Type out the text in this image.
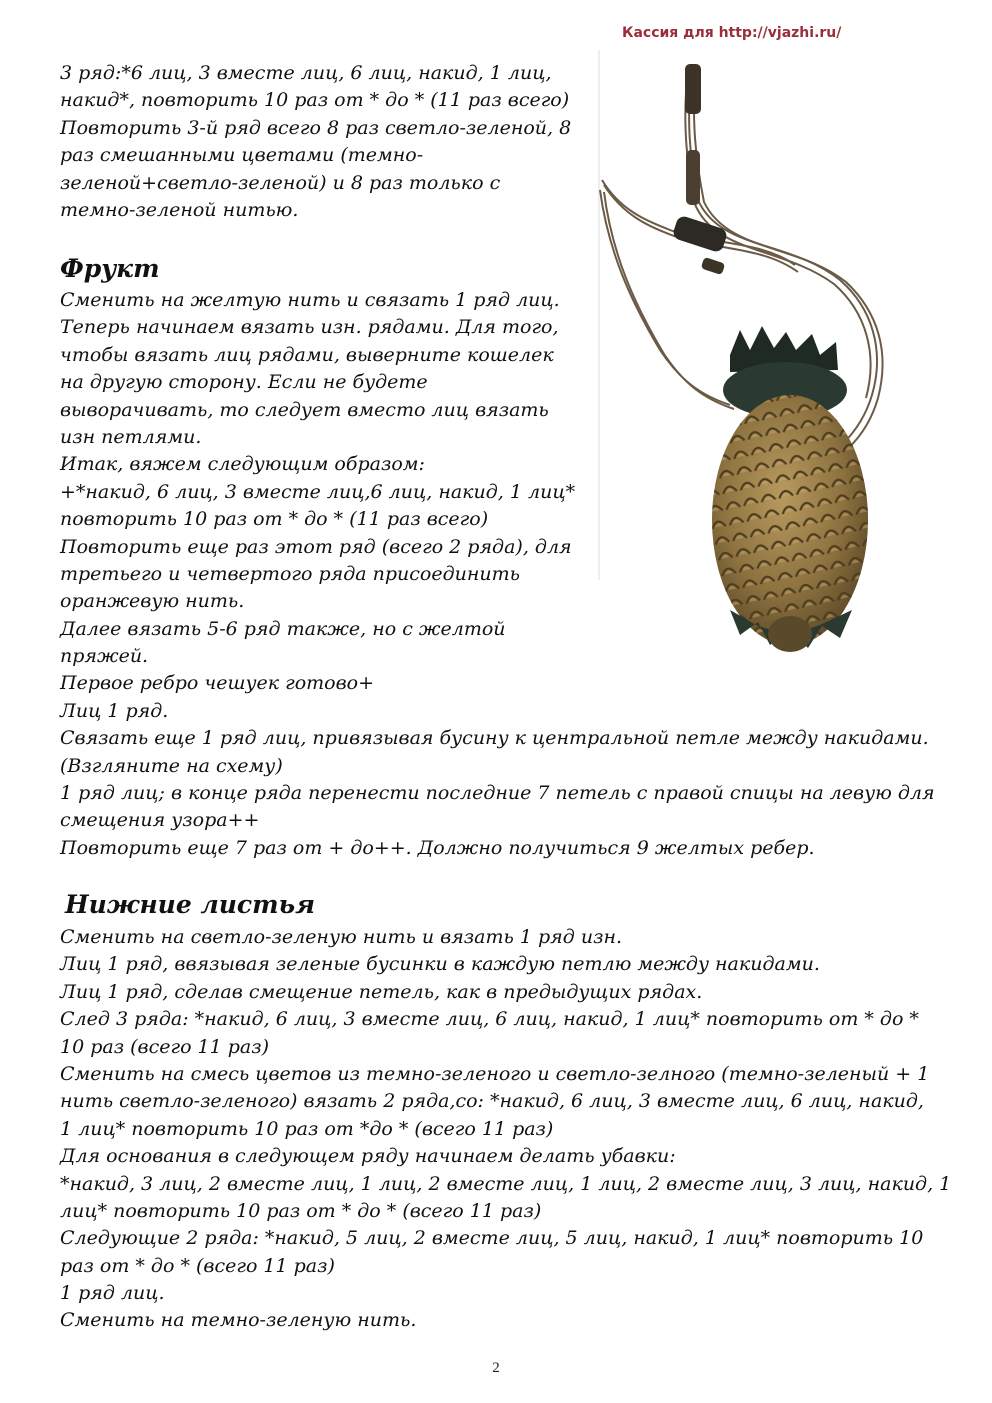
Кассия для http://vjazhi.ru/
3 ряд:*6 лиц, 3 вместе лиц, 6 лиц, накид, 1 лиц,
накид*, повторить 10 раз от * до * (11 раз всего)
Повторить 3-й ряд всего 8 раз светло-зеленой, 8
раз смешанными цветами (темно-
зеленой+светло-зеленой) и 8 раз только с
темно-зеленой нитью.
Фрукт
Сменить на желтую нить и связать 1 ряд лиц.
Теперь начинаем вязать изн. рядами. Для того,
чтобы вязать лиц рядами, выверните кошелек
на другую сторону. Если не будете
выворачивать, то следует вместо лиц вязать
изн петлями.
Итак, вяжем следующим образом:
+*накид, 6 лиц, 3 вместе лиц,6 лиц, накид, 1 лиц*
повторить 10 раз от * до * (11 раз всего)
Повторить еще раз этот ряд (всего 2 ряда), для
третьего и четвертого ряда присоединить
оранжевую нить.
Далее вязать 5-6 ряд также, но с желтой
пряжей.
Первое ребро чешуек готово+
Лиц 1 ряд.
Связать еще 1 ряд лиц, привязывая бусину к центральной петле между накидами.
(Взгляните на схему)
1 ряд лиц; в конце ряда перенести последние 7 петель с правой спицы на левую для
смещения узора++
Повторить еще 7 раз от + до++. Должно получиться 9 желтых ребер.
Нижние листья
Сменить на светло-зеленую нить и вязать 1 ряд изн.
Лиц 1 ряд, ввязывая зеленые бусинки в каждую петлю между накидами.
Лиц 1 ряд, сделав смещение петель, как в предыдущих рядах.
След 3 ряда: *накид, 6 лиц, 3 вместе лиц, 6 лиц, накид, 1 лиц* повторить от * до *
10 раз (всего 11 раз)
Сменить на смесь цветов из темно-зеленого и светло-зелного (темно-зеленый + 1
нить светло-зеленого) вязать 2 ряда,со: *накид, 6 лиц, 3 вместе лиц, 6 лиц, накид,
1 лиц* повторить 10 раз от *до * (всего 11 раз)
Для основания в следующем ряду начинаем делать убавки:
*накид, 3 лиц, 2 вместе лиц, 1 лиц, 2 вместе лиц, 1 лиц, 2 вместе лиц, 3 лиц, накид, 1
лиц* повторить 10 раз от * до * (всего 11 раз)
Следующие 2 ряда: *накид, 5 лиц, 2 вместе лиц, 5 лиц, накид, 1 лиц* повторить 10
раз от * до * (всего 11 раз)
1 ряд лиц.
Сменить на темно-зеленую нить.
2
